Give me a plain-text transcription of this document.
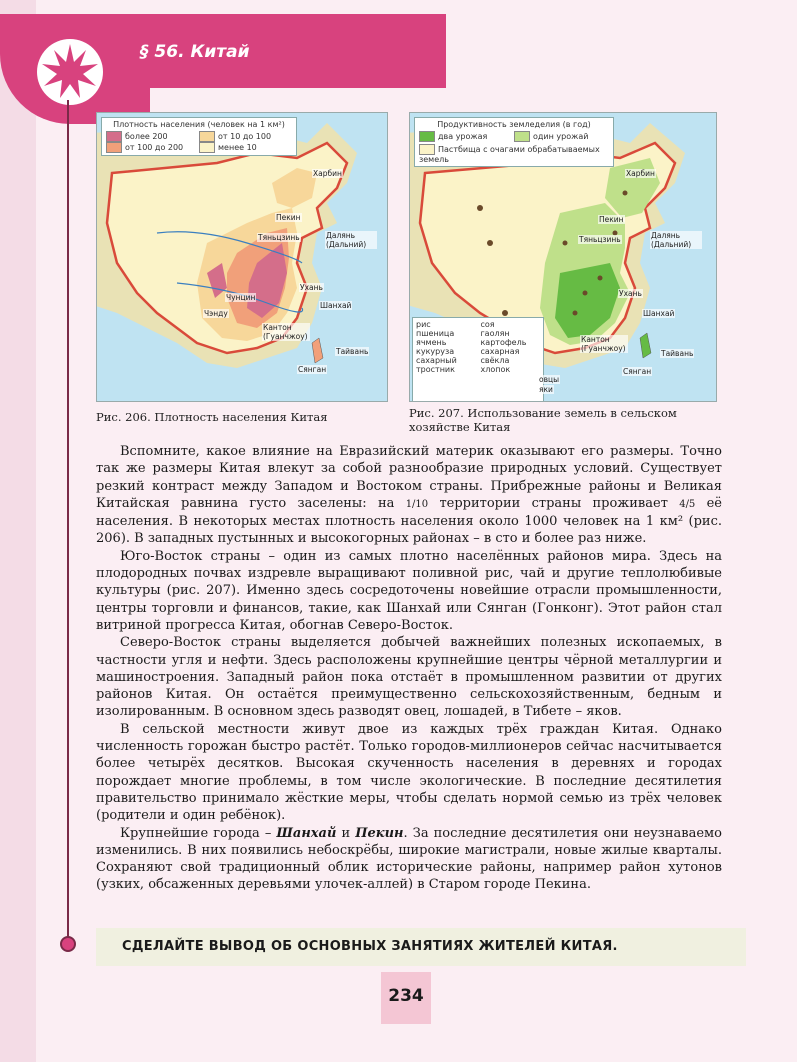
§ 56. Китай
Плотность населения (человек на 1 км²)
более 200	от 10 до 100
от 100 до 200	менее 10
Харбин
Пекин
Тяньцзинь	Далянь (Дальний)
Ухань
Шанхай
Чунцин
Чэнду
Кантон (Гуанчжоу)
Тайвань
Сянган
Рис. 206. Плотность населения Китая
Продуктивность земледелия (в год)
два урожая	один урожай
Пастбища с очагами обрабатываемых земель
рис
пшеница
ячмень
кукуруза
сахарный тростник
соя
гаолян
картофель
сахарная свёкла
хлопок
овцы
яки
Харбин
Пекин
Тяньцзинь	Далянь (Дальний)
Ухань
Шанхай
Кантон (Гуанчжоу)
Тайвань
Сянган
Рис. 207. Использование земель в сельском хозяйстве Китая

Вспомните, какое влияние на Евразийский материк оказывают его размеры. Точно так же размеры Китая влекут за собой разнообразие природных условий. Существует резкий контраст между Западом и Востоком страны. Прибрежные районы и Великая Китайская равнина густо заселены: на 1/10 территории страны проживает 4/5 её населения. В некоторых местах плотность населения около 1000 человек на 1 км² (рис. 206). В западных пустынных и высокогорных районах – в сто и более раз ниже.

Юго-Восток страны – один из самых плотно населённых районов мира. Здесь на плодородных почвах издревле выращивают поливной рис, чай и другие теплолюбивые культуры (рис. 207). Именно здесь сосредоточены новейшие отрасли промышленности, центры торговли и финансов, такие, как Шанхай или Сянган (Гонконг). Этот район стал витриной прогресса Китая, обогнав Северо-Восток.

Северо-Восток страны выделяется добычей важнейших полезных ископаемых, в частности угля и нефти. Здесь расположены крупнейшие центры чёрной металлургии и машиностроения. Западный район пока отстаёт в промышленном развитии от других районов Китая. Он остаётся преимущественно сельскохозяйственным, бедным и изолированным. В основном здесь разводят овец, лошадей, в Тибете – яков.

В сельской местности живут двое из каждых трёх граждан Китая. Однако численность горожан быстро растёт. Только городов-миллионеров сейчас насчитывается более четырёх десятков. Высокая скученность населения в деревнях и городах порождает многие проблемы, в том числе экологические. В последние десятилетия правительство принимало жёсткие меры, чтобы сделать нормой семью из трёх человек (родители и один ребёнок).

Крупнейшие города – Шанхай и Пекин. За последние десятилетия они неузнаваемо изменились. В них появились небоскрёбы, широкие магистрали, новые жилые кварталы. Сохраняют свой традиционный облик исторические районы, например район хутонов (узких, обсаженных деревьями улочек-аллей) в Старом городе Пекина.

СДЕЛАЙТЕ ВЫВОД ОБ ОСНОВНЫХ ЗАНЯТИЯХ ЖИТЕЛЕЙ КИТАЯ.
234
